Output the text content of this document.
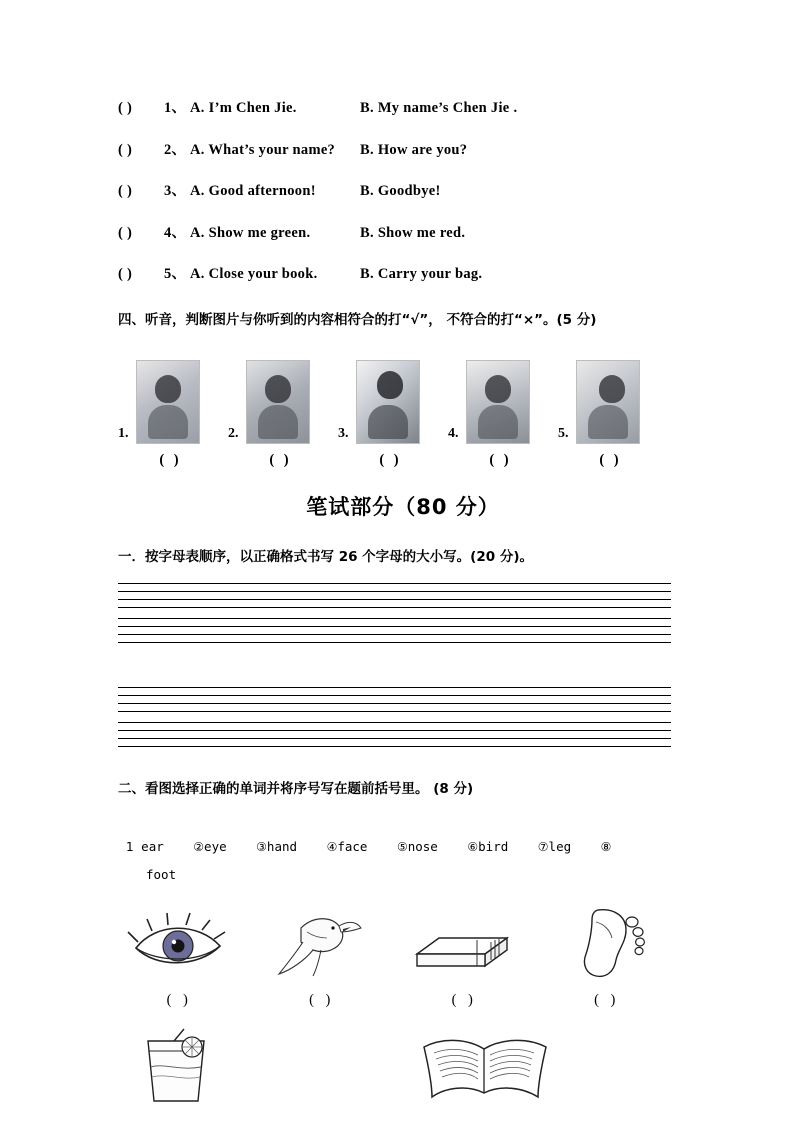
( )	1、 A. I’m Chen Jie.	B. My name’s Chen Jie .
( )	2、 A. What’s your name?	B. How are you?
( )	3、 A. Good afternoon!	B. Goodbye!
( )	4、 A. Show me green.	B. Show me red.
( )	5、 A. Close your book.	B. Carry your bag.
四、听音，判断图片与你听到的内容相符合的打“√”， 不符合的打“×”。(5 分)
1.	2.	3.	4.	5.
( )	( )	( )	( )	( )
笔试部分（80 分）
一．按字母表顺序，以正确格式书写 26 个字母的大小写。(20 分)。
二、看图选择正确的单词并将序号写在题前括号里。 (8 分)
1 ear ②eye ③hand ④face ⑤nose ⑥bird ⑦leg ⑧
foot
( )	( )	( )	( )
